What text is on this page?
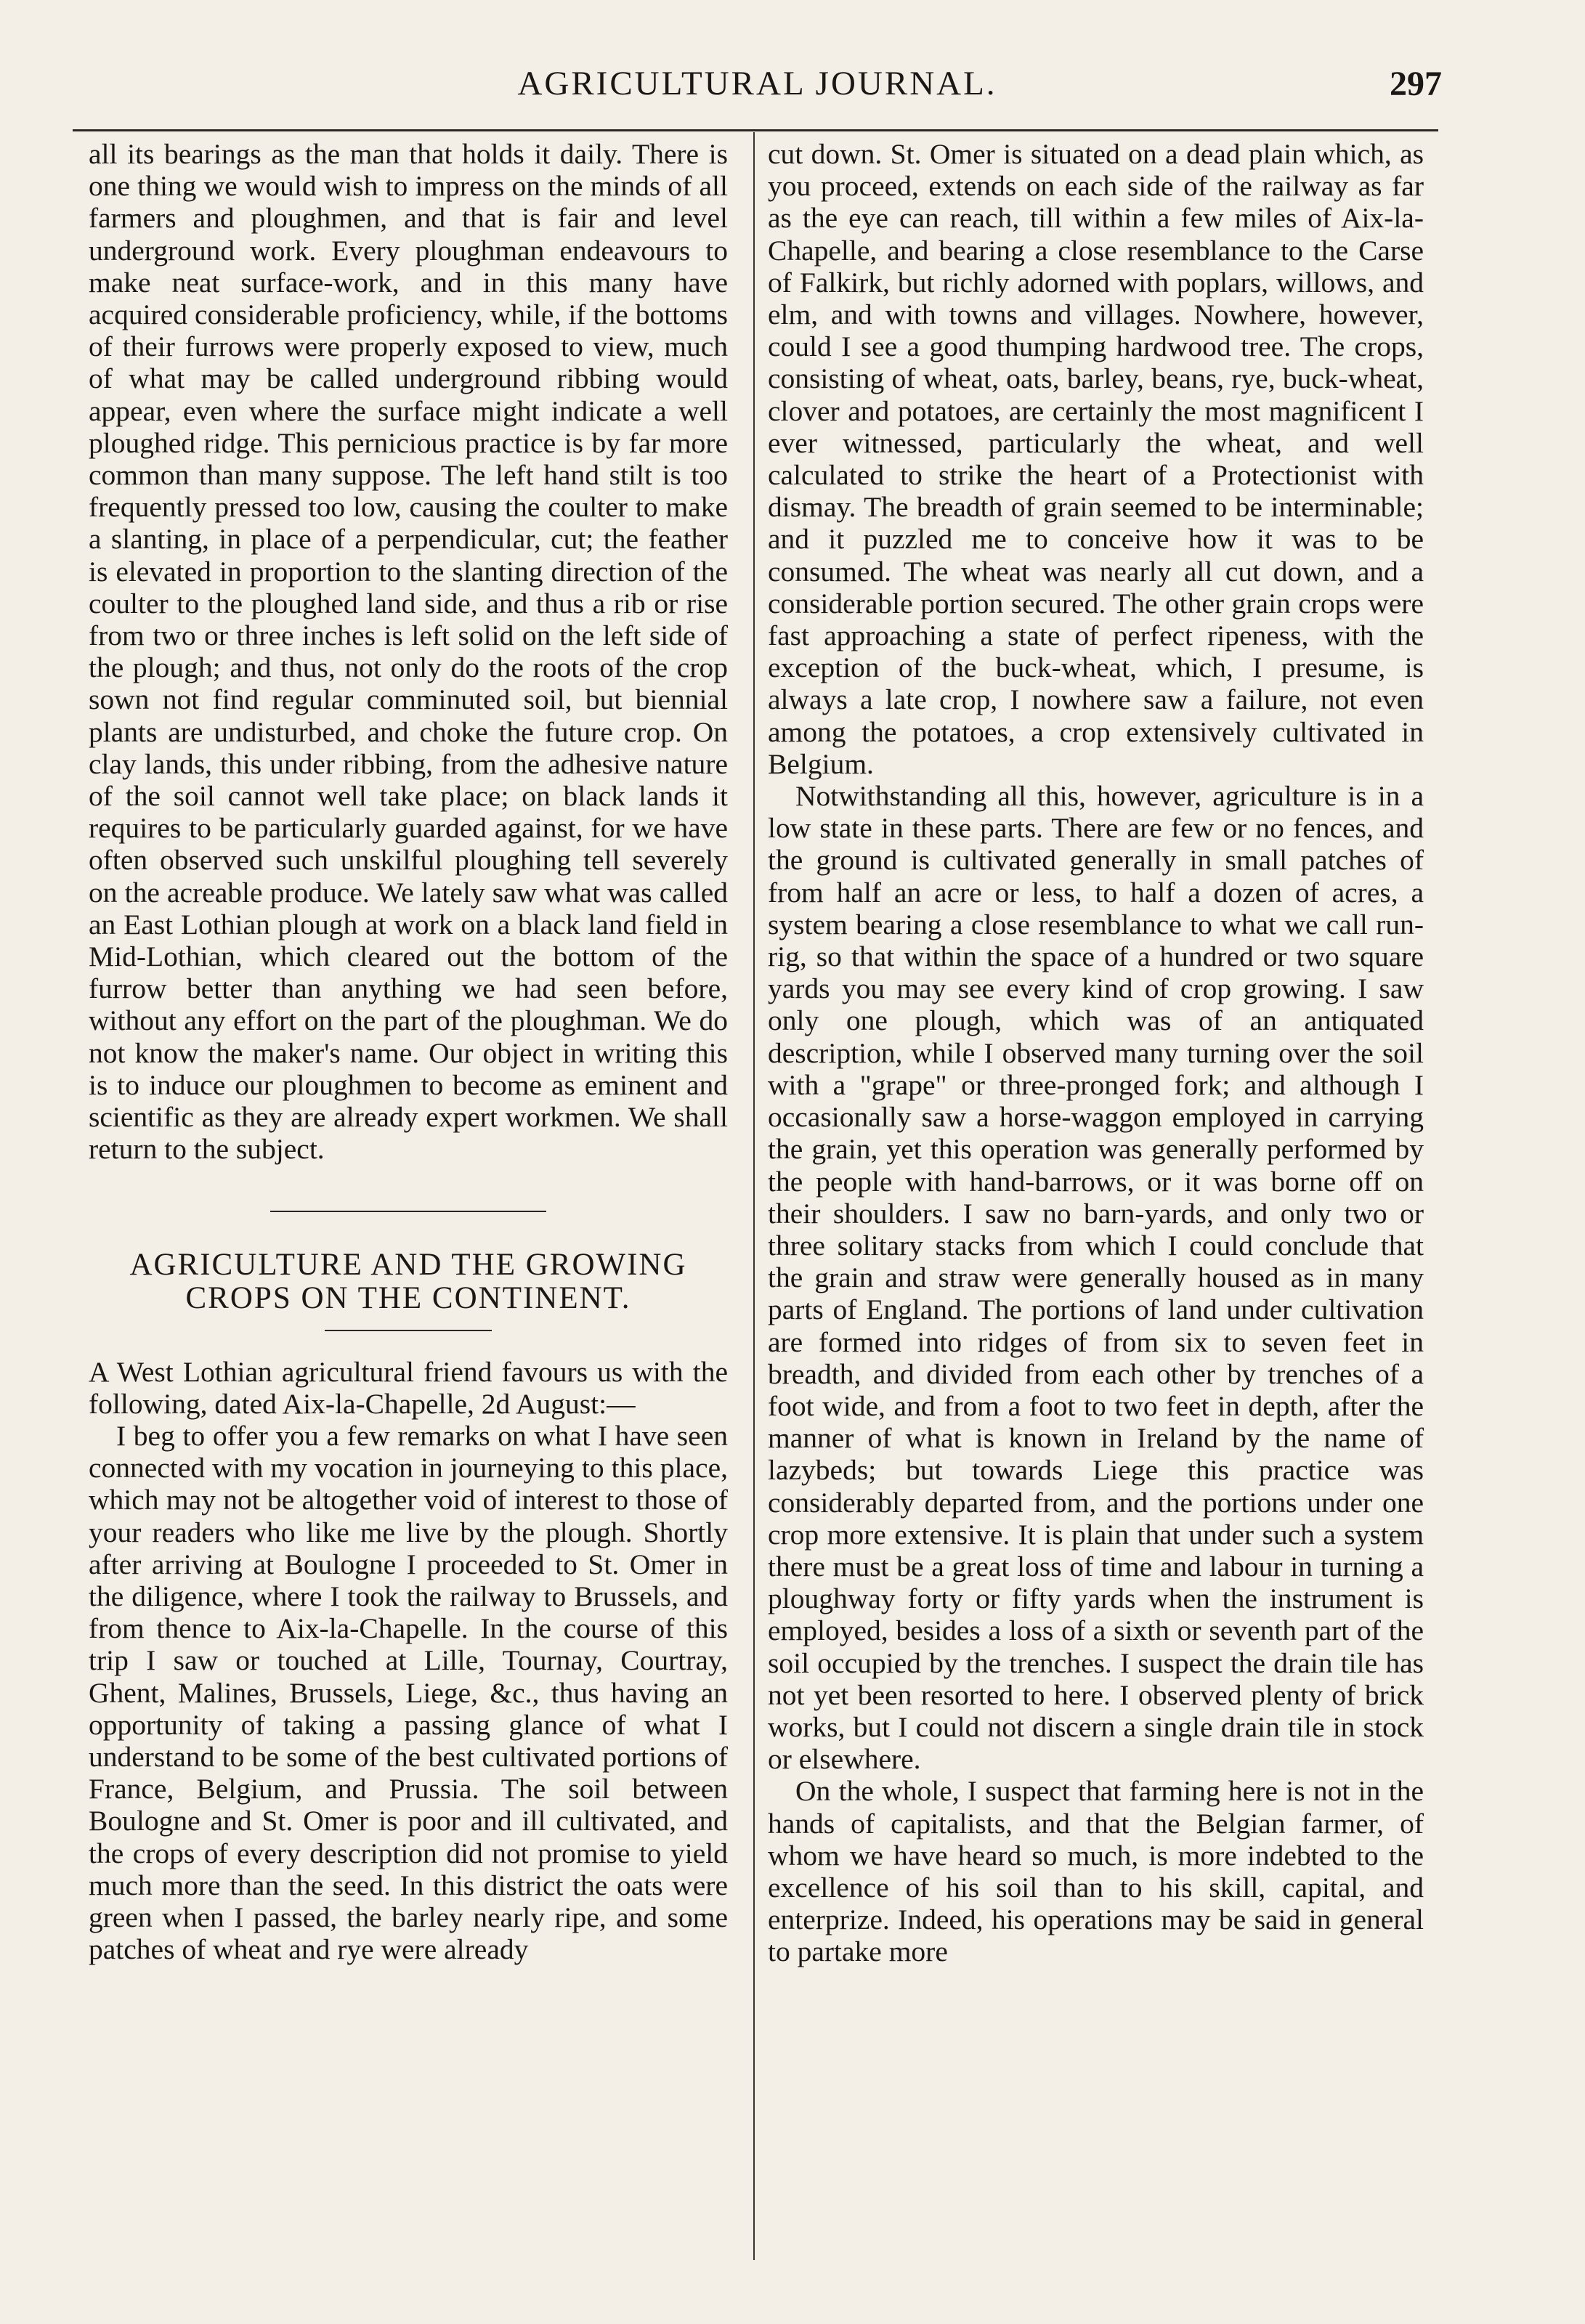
AGRICULTURAL JOURNAL.	297

all its bearings as the man that holds it daily. There is one thing we would wish to impress on the minds of all farmers and ploughmen, and that is fair and level underground work. Every ploughman endeavours to make neat surface-work, and in this many have acquired considerable proficiency, while, if the bottoms of their furrows were properly exposed to view, much of what may be called underground ribbing would appear, even where the surface might indicate a well ploughed ridge. This pernicious practice is by far more common than many suppose. The left hand stilt is too frequently pressed too low, causing the coulter to make a slanting, in place of a perpendicular, cut; the feather is elevated in proportion to the slanting direction of the coulter to the ploughed land side, and thus a rib or rise from two or three inches is left solid on the left side of the plough; and thus, not only do the roots of the crop sown not find regular comminuted soil, but biennial plants are undisturbed, and choke the future crop. On clay lands, this under ribbing, from the adhesive nature of the soil cannot well take place; on black lands it requires to be particularly guarded against, for we have often observed such unskilful ploughing tell severely on the acreable produce. We lately saw what was called an East Lothian plough at work on a black land field in Mid-Lothian, which cleared out the bottom of the furrow better than anything we had seen before, without any effort on the part of the ploughman. We do not know the maker's name. Our object in writing this is to induce our ploughmen to become as eminent and scientific as they are already expert workmen. We shall return to the subject.

AGRICULTURE AND THE GROWING CROPS ON THE CONTINENT.

A West Lothian agricultural friend favours us with the following, dated Aix-la-Chapelle, 2d August:—

I beg to offer you a few remarks on what I have seen connected with my vocation in journeying to this place, which may not be altogether void of interest to those of your readers who like me live by the plough. Shortly after arriving at Boulogne I proceeded to St. Omer in the diligence, where I took the railway to Brussels, and from thence to Aix-la-Chapelle. In the course of this trip I saw or touched at Lille, Tournay, Courtray, Ghent, Malines, Brussels, Liege, &c., thus having an opportunity of taking a passing glance of what I understand to be some of the best cultivated portions of France, Belgium, and Prussia. The soil between Boulogne and St. Omer is poor and ill cultivated, and the crops of every description did not promise to yield much more than the seed. In this district the oats were green when I passed, the barley nearly ripe, and some patches of wheat and rye were already

cut down. St. Omer is situated on a dead plain which, as you proceed, extends on each side of the railway as far as the eye can reach, till within a few miles of Aix-la-Chapelle, and bearing a close resemblance to the Carse of Falkirk, but richly adorned with poplars, willows, and elm, and with towns and villages. Nowhere, however, could I see a good thumping hardwood tree. The crops, consisting of wheat, oats, barley, beans, rye, buck-wheat, clover and potatoes, are certainly the most magnificent I ever witnessed, particularly the wheat, and well calculated to strike the heart of a Protectionist with dismay. The breadth of grain seemed to be interminable; and it puzzled me to conceive how it was to be consumed. The wheat was nearly all cut down, and a considerable portion secured. The other grain crops were fast approaching a state of perfect ripeness, with the exception of the buck-wheat, which, I presume, is always a late crop, I nowhere saw a failure, not even among the potatoes, a crop extensively cultivated in Belgium.

Notwithstanding all this, however, agriculture is in a low state in these parts. There are few or no fences, and the ground is cultivated generally in small patches of from half an acre or less, to half a dozen of acres, a system bearing a close resemblance to what we call run-rig, so that within the space of a hundred or two square yards you may see every kind of crop growing. I saw only one plough, which was of an antiquated description, while I observed many turning over the soil with a "grape" or three-pronged fork; and although I occasionally saw a horse-waggon employed in carrying the grain, yet this operation was generally performed by the people with hand-barrows, or it was borne off on their shoulders. I saw no barn-yards, and only two or three solitary stacks from which I could conclude that the grain and straw were generally housed as in many parts of England. The portions of land under cultivation are formed into ridges of from six to seven feet in breadth, and divided from each other by trenches of a foot wide, and from a foot to two feet in depth, after the manner of what is known in Ireland by the name of lazybeds; but towards Liege this practice was considerably departed from, and the portions under one crop more extensive. It is plain that under such a system there must be a great loss of time and labour in turning a ploughway forty or fifty yards when the instrument is employed, besides a loss of a sixth or seventh part of the soil occupied by the trenches. I suspect the drain tile has not yet been resorted to here. I observed plenty of brick works, but I could not discern a single drain tile in stock or elsewhere.

On the whole, I suspect that farming here is not in the hands of capitalists, and that the Belgian farmer, of whom we have heard so much, is more indebted to the excellence of his soil than to his skill, capital, and enterprize. Indeed, his operations may be said in general to partake more
